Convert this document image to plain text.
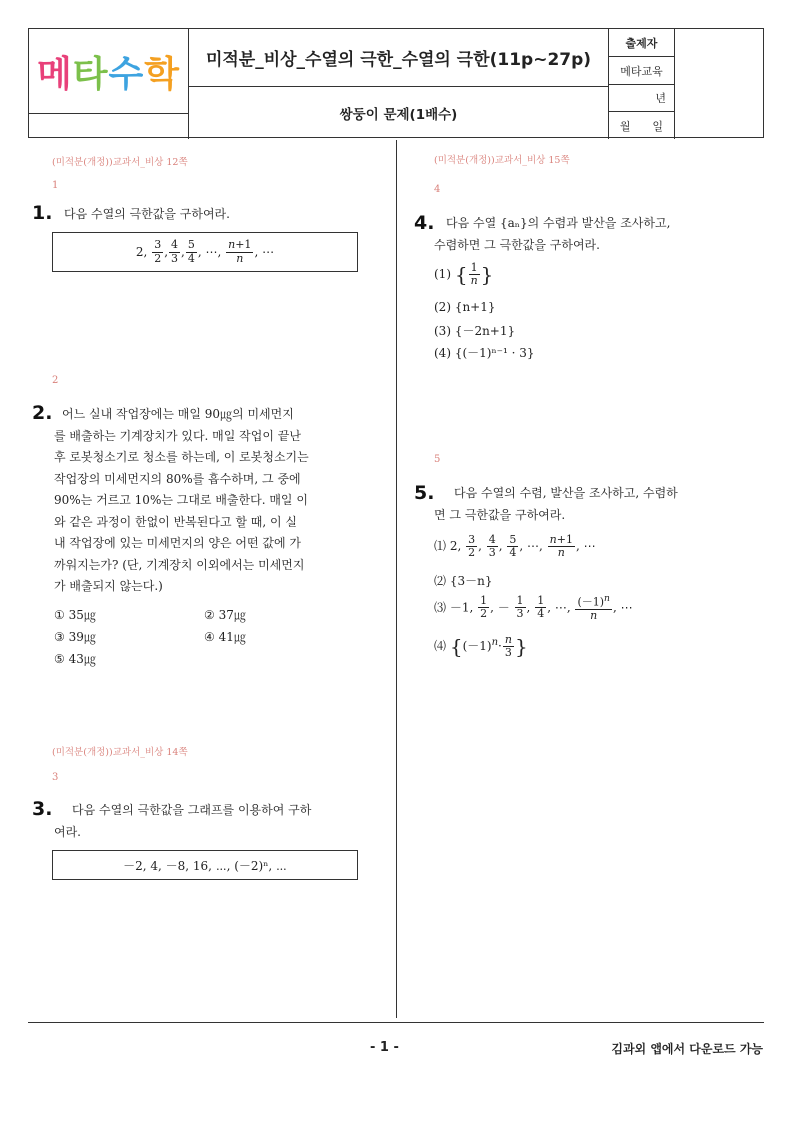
메 타 수 학	미적분_비상_수열의 극한_수열의 극한(11p~27p)
쌍둥이 문제(1배수)
출제자
메타교육
년
월 일
(미적분(개정))교과서_비상 12쪽
1
1. 다음 수열의 극한값을 구하여라.
2,
$\frac{3}{2}$ , $\frac{4}{3}$ , $\frac{5}{4}$ , ⋯, $\frac{n+1}{n}$ , ⋯
2
2. 어느 실내 작업장에는 매일 90㎍의 미세먼지
를 배출하는 기계장치가 있다. 매일 작업이 끝난
후 로봇청소기로 청소를 하는데, 이 로봇청소기는
작업장의 미세먼지의 80%를 흡수하며, 그 중에
90%는 거르고 10%는 그대로 배출한다. 매일 이
와 같은 과정이 한없이 반복된다고 할 때, 이 실
내 작업장에 있는 미세먼지의 양은 어떤 값에 가
까워지는가? (단, 기계장치 이외에서는 미세먼지
가 배출되지 않는다.)
① 35㎍	② 37㎍
③ 39㎍	④ 41㎍
⑤ 43㎍
(미적분(개정))교과서_비상 14쪽
3
3.	다음 수열의 극한값을 그래프를 이용하여 구하
여라.
－2, 4, －8, 16, ⋯, (－2)ⁿ, ⋯
(미적분(개정))교과서_비상 15쪽
4
4. 다음 수열 {aₙ}의 수렴과 발산을 조사하고,
수렴하면 그 극한값을 구하여라.
(1) { $\frac{1}{n}$ }
(2) {n+1}
(3) {－2n+1}
(4) {(－1)ⁿ⁻¹ · 3}
5
5.	다음 수열의 수렴, 발산을 조사하고, 수렴하
면 그 극한값을 구하여라.
⑴ 2, $\frac{3}{2}$ , $\frac{4}{3}$ , $\frac{5}{4}$ , ⋯, $\frac{n+1}{n}$ , ⋯
⑵ {3－n}
⑶ －1, $\frac{1}{2}$ , － $\frac{1}{3}$ , $\frac{1}{4}$ , ⋯, $\frac{(-1)^n}{n}$ , ⋯
⑷ {$(-1)^n\cdot \frac{n}{3}$ }
- 1 -	김과외 앱에서 다운로드 가능
